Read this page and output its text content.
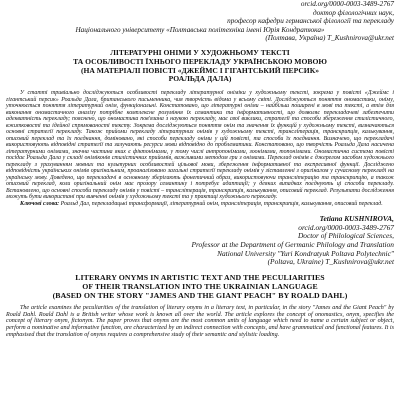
orcid.org/0000-0003-3489-2767
доктор філологічних наук,
професор кафедри германської філології та перекладу
Національного університету «Полтавська політехніка імені Юрія Кондратюка»
(Полтава, Україна) T_Kushnirova@ukr.net
ЛІТЕРАТУРНІ ОНІМИ У ХУДОЖНЬОМУ ТЕКСТІ
ТА ОСОБЛИВОСТІ ЇХНЬОГО ПЕРЕКЛАДУ УКРАЇНСЬКОЮ МОВОЮ
(НА МАТЕРІАЛІ ПОВІСТІ «ДЖЕЙМС І ГІГАНТСЬКИЙ ПЕРСИК»
РОАЛЬДА ДАЛА)
У статті тривіально досліджуються особливості перекладу літературної оніміки у художньому тексті, зокрема у повісті «Джеймс і гігантський персик» Роальда Дала, британського письменника, чия творчість відома у всьому світі. Досліджуються поняття ономастики, оніму, уточнюється поняття літературний онім, функціональні. Констатовано, що літературні оніми – найбільш поширені в мові та тексті, а втім для виконання ономастичного аналізу потрібне комплексне розуміння їх семантики та інформативності, що дозволяє перекладачеві забезпечити адекватність перекладу; пояснено, що ономастика пов'язана з наукою перекладу, має свої виклики, стратегії та способи збереження стилістичного, вжитковості та ідейної спрямованості тексту. Зокрема досліджуються поняття онім та значення їх функцій у художньому тексті, визначаються основні стратегії перекладу. Також прийоми перекладу літературних онімів у художньому тексті, транслітерація, транскрипція, калькування, описовий переклад та їх поєднання, доміновано, які способи перекладу оніми у цій повісті, та способи їх поєднання. Визначено, що перекладачі використовують відповідні стратегії та залучають ресурси мови відповідно до проблематики. Констатовано, що творчість Роальда Дала насичена літературними онімами, значна частина яких є фіктонімами, у тому числі антропонімами, зоонімами, топонімами. Ономастична система повісті посідає Роальда Дала у складі оніміконів стилістичних прийомів, важливими методом гри з онімами. Переклад онімів є джерелом засобом художнього перекладу з урахуванням мовних та культурних особливостей цільової мови, збереження інформативної та експресивної функції. Досліджено відповідність українських онімів оригінальним, проаналізовано загальні стратегії перекладу онімів у зіставленні з оригіналом у сучасному перекладі на українську мову. Доведено, що перекладачі в основному зберігають фонетичний образ, використовуючи транслітерацію та транскрипцію, а також описовий переклад, коли оригінальний онім має прозору семантику і потребує адаптації; у деяких випадках поєднують ці способи перекладу. Встановлено, що основні способи перекладу онімів у повісті – транслітерація, транскрипція, калькування, описовий переклад. Результати дослідження можуть бути використані при вивченні онімів у художньому тексті та у практиці художнього перекладу.
Ключові слова: Роальд Дал, перекладацькі трансформації, літературний онім, транслітерація, транскрипція, калькування, описовий переклад.
Tetiana KUSHNIROVA,
orcid.org/0000-0003-3489-2767
Doctor of Philological Sciences,
Professor at the Department of Germanic Philology and Translation
National University "Yuri Kondratyuk Poltava Polytechnic"
(Poltava, Ukraine) T_Kushnirova@ukr.net
LITERARY ONYMS IN ARTISTIC TEXT AND THE PECULIARITIES
OF THEIR TRANSLATION INTO THE UKRAINIAN LANGUAGE
(BASED ON THE STORY "JAMES AND THE GIANT PEACH" BY ROALD DAHL)
The article examines the peculiarities of the translation of literary onyms in a literary text, in particular, in the story "James and the Giant Peach" by Roald Dahl. Roald Dahl is a British writer whose work is known all over the world. The article explores the concept of onomastics, onym, specifies the concept of literary onym, fictonym. The paper proves that onyms are the most common units of language which need to name a certain subject or object, perform a nominative and informative function, are characterized by an indirect connection with concepts, and have grammatical and functional features. It is emphasised that the translation of onyms requires a comprehensive study of their semantic and stylistic loading.
